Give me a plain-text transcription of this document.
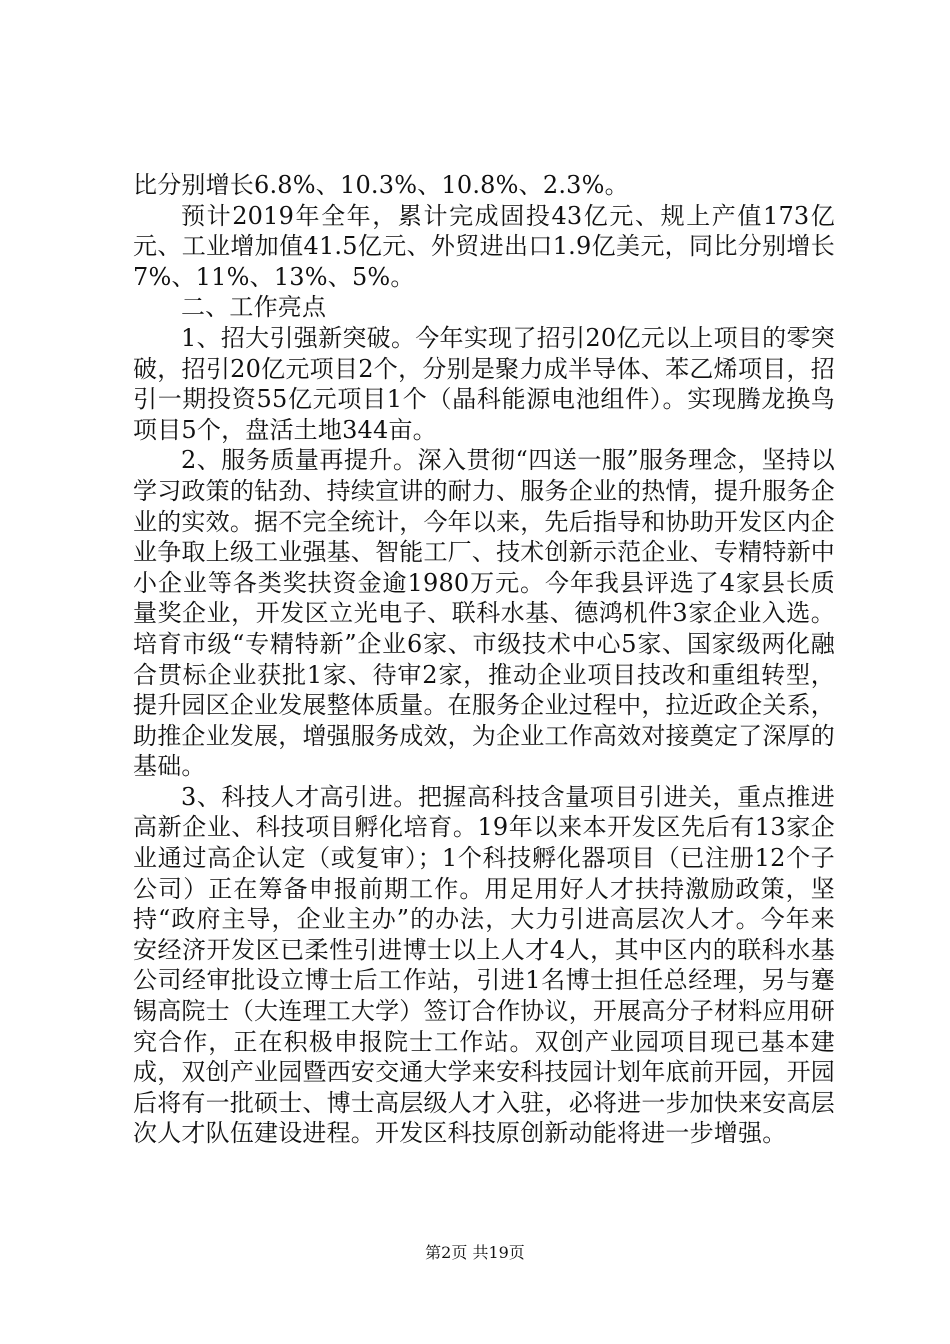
比分别增长6.8%、10.3%、10.8%、2.3%。

预计2019年全年，累计完成固投43亿元、规上产值173亿元、工业增加值41.5亿元、外贸进出口1.9亿美元，同比分别增长7%、11%、13%、5%。

二、工作亮点

1、招大引强新突破。今年实现了招引20亿元以上项目的零突破，招引20亿元项目2个，分别是聚力成半导体、苯乙烯项目，招引一期投资55亿元项目1个（晶科能源电池组件）。实现腾龙换鸟项目5个，盘活土地344亩。

2、服务质量再提升。深入贯彻“四送一服”服务理念，坚持以学习政策的钻劲、持续宣讲的耐力、服务企业的热情，提升服务企业的实效。据不完全统计，今年以来，先后指导和协助开发区内企业争取上级工业强基、智能工厂、技术创新示范企业、专精特新中小企业等各类奖扶资金逾1980万元。今年我县评选了4家县长质量奖企业，开发区立光电子、联科水基、德鸿机件3家企业入选。培育市级“专精特新”企业6家、市级技术中心5家、国家级两化融合贯标企业获批1家、待审2家，推动企业项目技改和重组转型，提升园区企业发展整体质量。在服务企业过程中，拉近政企关系，助推企业发展，增强服务成效，为企业工作高效对接奠定了深厚的基础。

3、科技人才高引进。把握高科技含量项目引进关，重点推进高新企业、科技项目孵化培育。19年以来本开发区先后有13家企业通过高企认定（或复审）；1个科技孵化器项目（已注册12个子公司）正在筹备申报前期工作。用足用好人才扶持激励政策，坚持“政府主导，企业主办”的办法，大力引进高层次人才。今年来安经济开发区已柔性引进博士以上人才4人，其中区内的联科水基公司经审批设立博士后工作站，引进1名博士担任总经理，另与蹇锡高院士（大连理工大学）签订合作协议，开展高分子材料应用研究合作，正在积极申报院士工作站。双创产业园项目现已基本建成，双创产业园暨西安交通大学来安科技园计划年底前开园，开园后将有一批硕士、博士高层级人才入驻，必将进一步加快来安高层次人才队伍建设进程。开发区科技原创新动能将进一步增强。

第2页 共19页
